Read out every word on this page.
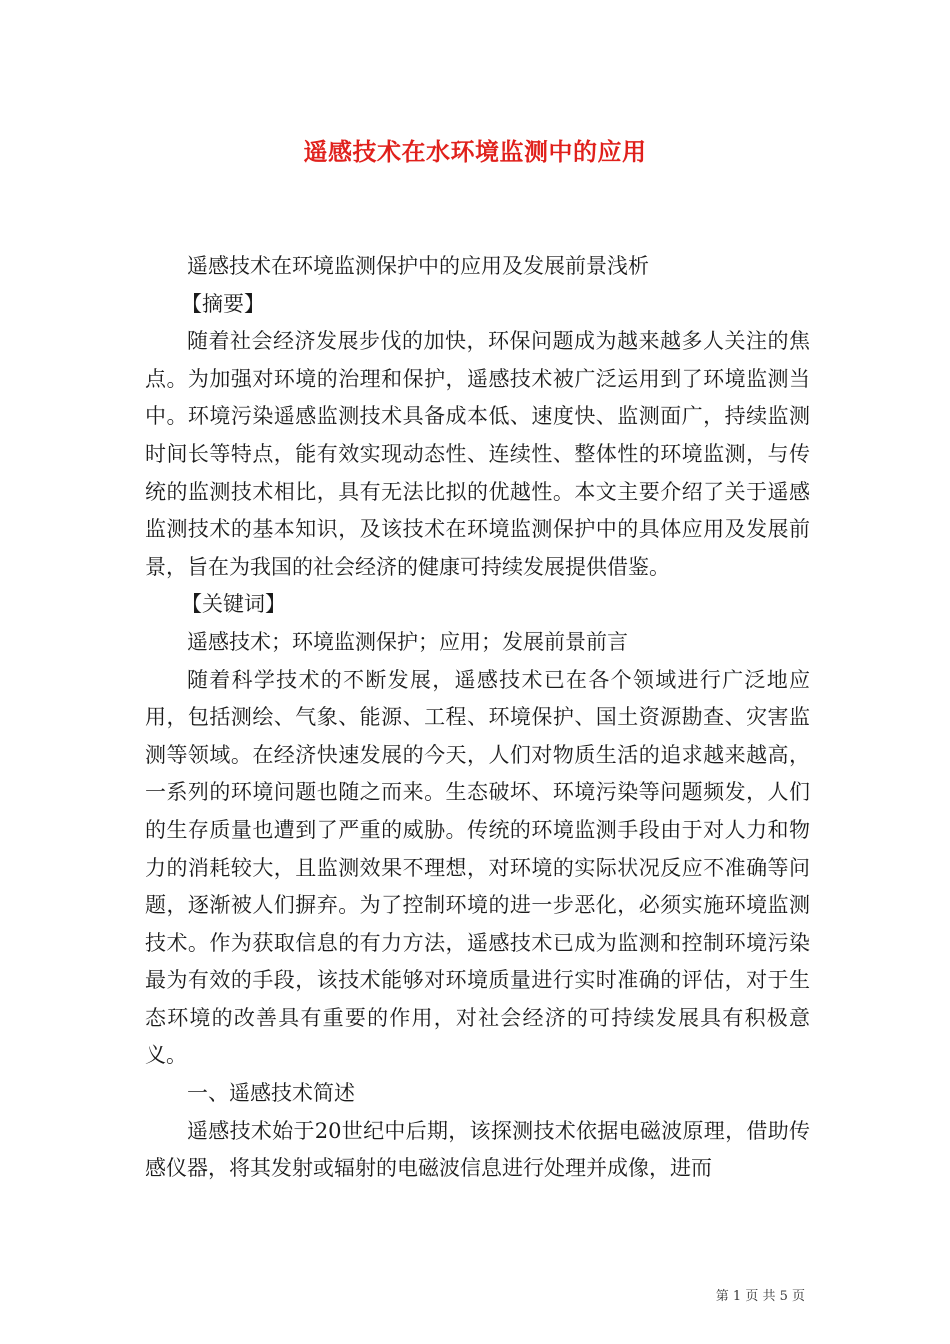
遥感技术在水环境监测中的应用

遥感技术在环境监测保护中的应用及发展前景浅析

【摘要】

随着社会经济发展步伐的加快，环保问题成为越来越多人关注的焦点。为加强对环境的治理和保护，遥感技术被广泛运用到了环境监测当中。环境污染遥感监测技术具备成本低、速度快、监测面广，持续监测时间长等特点，能有效实现动态性、连续性、整体性的环境监测，与传统的监测技术相比，具有无法比拟的优越性。本文主要介绍了关于遥感监测技术的基本知识，及该技术在环境监测保护中的具体应用及发展前景，旨在为我国的社会经济的健康可持续发展提供借鉴。

【关键词】

遥感技术；环境监测保护；应用；发展前景前言

随着科学技术的不断发展，遥感技术已在各个领域进行广泛地应用，包括测绘、气象、能源、工程、环境保护、国土资源勘查、灾害监测等领域。在经济快速发展的今天，人们对物质生活的追求越来越高，一系列的环境问题也随之而来。生态破坏、环境污染等问题频发，人们的生存质量也遭到了严重的威胁。传统的环境监测手段由于对人力和物力的消耗较大，且监测效果不理想，对环境的实际状况反应不准确等问题，逐渐被人们摒弃。为了控制环境的进一步恶化，必须实施环境监测技术。作为获取信息的有力方法，遥感技术已成为监测和控制环境污染最为有效的手段，该技术能够对环境质量进行实时准确的评估，对于生态环境的改善具有重要的作用，对社会经济的可持续发展具有积极意义。

一、遥感技术简述

遥感技术始于20世纪中后期，该探测技术依据电磁波原理，借助传感仪器，将其发射或辐射的电磁波信息进行处理并成像，进而

第 1 页 共 5 页
